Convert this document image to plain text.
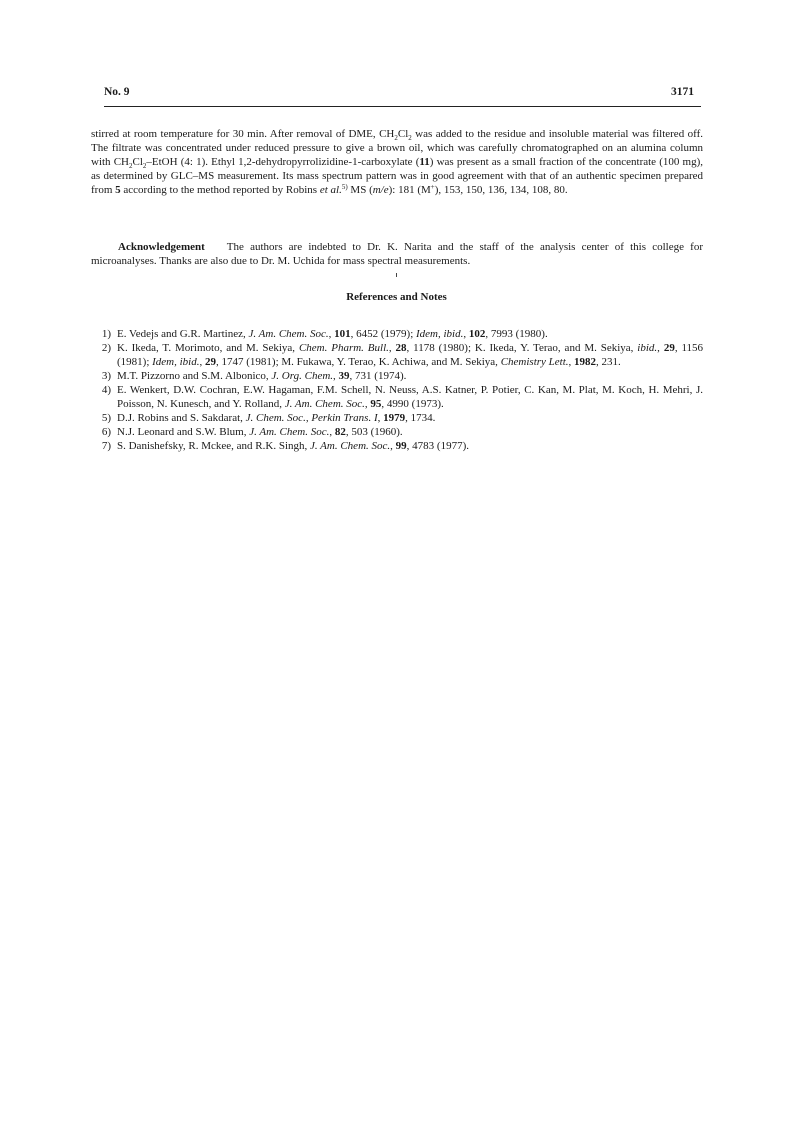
No. 9	3171
stirred at room temperature for 30 min. After removal of DME, $CH_2Cl_2$ was added to the residue and insoluble material was filtered off. The filtrate was concentrated under reduced pressure to give a brown oil, which was carefully chromatographed on an alumina column with $CH_2Cl_2$–EtOH (4: 1). Ethyl 1,2-dehydropyrrolizidine-1-carboxylate (11) was present as a small fraction of the concentrate (100 mg), as determined by GLC–MS measurement. Its mass spectrum pattern was in good agreement with that of an authentic specimen prepared from 5 according to the method reported by Robins et al.$^{5)}$ MS (m/e): 181 (M+), 153, 150, 136, 134, 108, 80.
Acknowledgement The authors are indebted to Dr. K. Narita and the staff of the analysis center of this college for microanalyses. Thanks are also due to Dr. M. Uchida for mass spectral measurements.
References and Notes
1) E. Vedejs and G.R. Martinez, J. Am. Chem. Soc., 101, 6452 (1979); Idem, ibid., 102, 7993 (1980).
2) K. Ikeda, T. Morimoto, and M. Sekiya, Chem. Pharm. Bull., 28, 1178 (1980); K. Ikeda, Y. Terao, and M. Sekiya, ibid., 29, 1156 (1981); Idem, ibid., 29, 1747 (1981); M. Fukawa, Y. Terao, K. Achiwa, and M. Sekiya, Chemistry Lett., 1982, 231.
3) M.T. Pizzorno and S.M. Albonico, J. Org. Chem., 39, 731 (1974).
4) E. Wenkert, D.W. Cochran, E.W. Hagaman, F.M. Schell, N. Neuss, A.S. Katner, P. Potier, C. Kan, M. Plat, M. Koch, H. Mehri, J. Poisson, N. Kunesch, and Y. Rolland, J. Am. Chem. Soc., 95, 4990 (1973).
5) D.J. Robins and S. Sakdarat, J. Chem. Soc., Perkin Trans. I, 1979, 1734.
6) N.J. Leonard and S.W. Blum, J. Am. Chem. Soc., 82, 503 (1960).
7) S. Danishefsky, R. Mckee, and R.K. Singh, J. Am. Chem. Soc., 99, 4783 (1977).
